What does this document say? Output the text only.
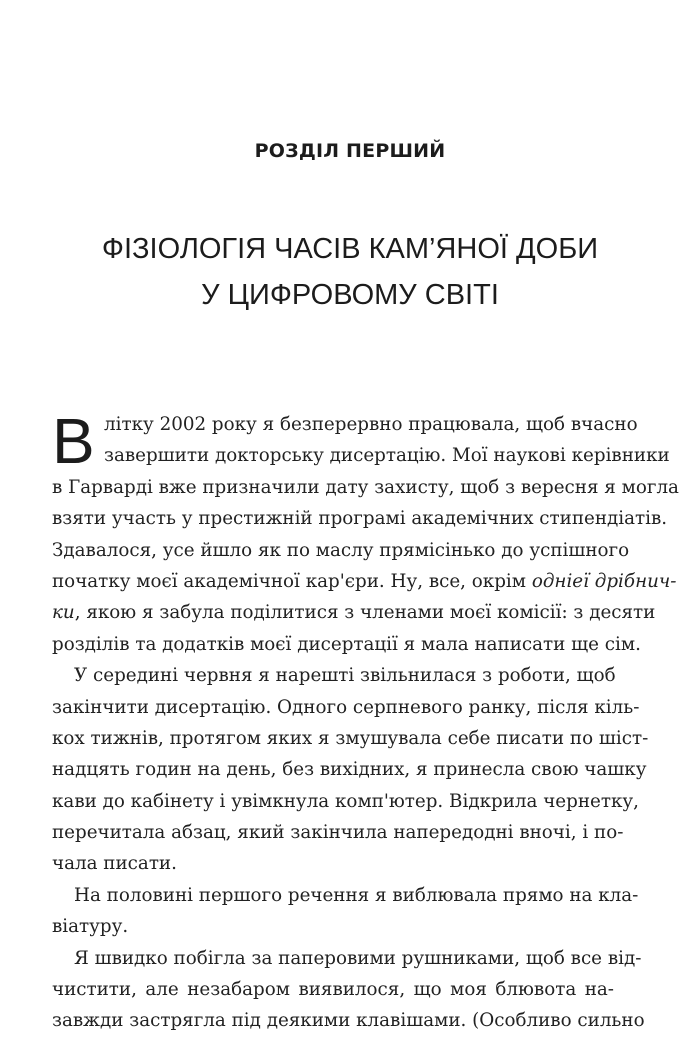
РОЗДІЛ ПЕРШИЙ
ФІЗІОЛОГІЯ ЧАСІВ КАМ’ЯНОЇ ДОБИ
У ЦИФРОВОМУ СВІТІ
В літку 2002 року я безперервно працювала, щоб вчасно
завершити докторську дисертацію. Мої наукові керівники
в Гарварді вже призначили дату захисту, щоб з вересня я могла
взяти участь у престижній програмі академічних стипендіатів.
Здавалося, усе йшло як по маслу прямісінько до успішного
початку моєї академічної кар'єри. Ну, все, окрім одніеї дрібнич-
ки, якою я забула поділитися з членами моєї комісії: з десяти
розділів та додатків моєї дисертації я мала написати ще сім.
У середині червня я нарешті звільнилася з роботи, щоб
закінчити дисертацію. Одного серпневого ранку, після кіль-
кох тижнів, протягом яких я змушувала себе писати по шіст-
надцять годин на день, без вихідних, я принесла свою чашку
кави до кабінету і увімкнула комп'ютер. Відкрила чернетку,
перечитала абзац, який закінчила напередодні вночі, і по-
чала писати.
На половині першого речення я виблювала прямо на кла-
віатуру.
Я швидко побігла за паперовими рушниками, щоб все від-
чистити, але незабаром виявилося, що моя блювота на-
завжди застрягла під деякими клавішами. (Особливо сильно
